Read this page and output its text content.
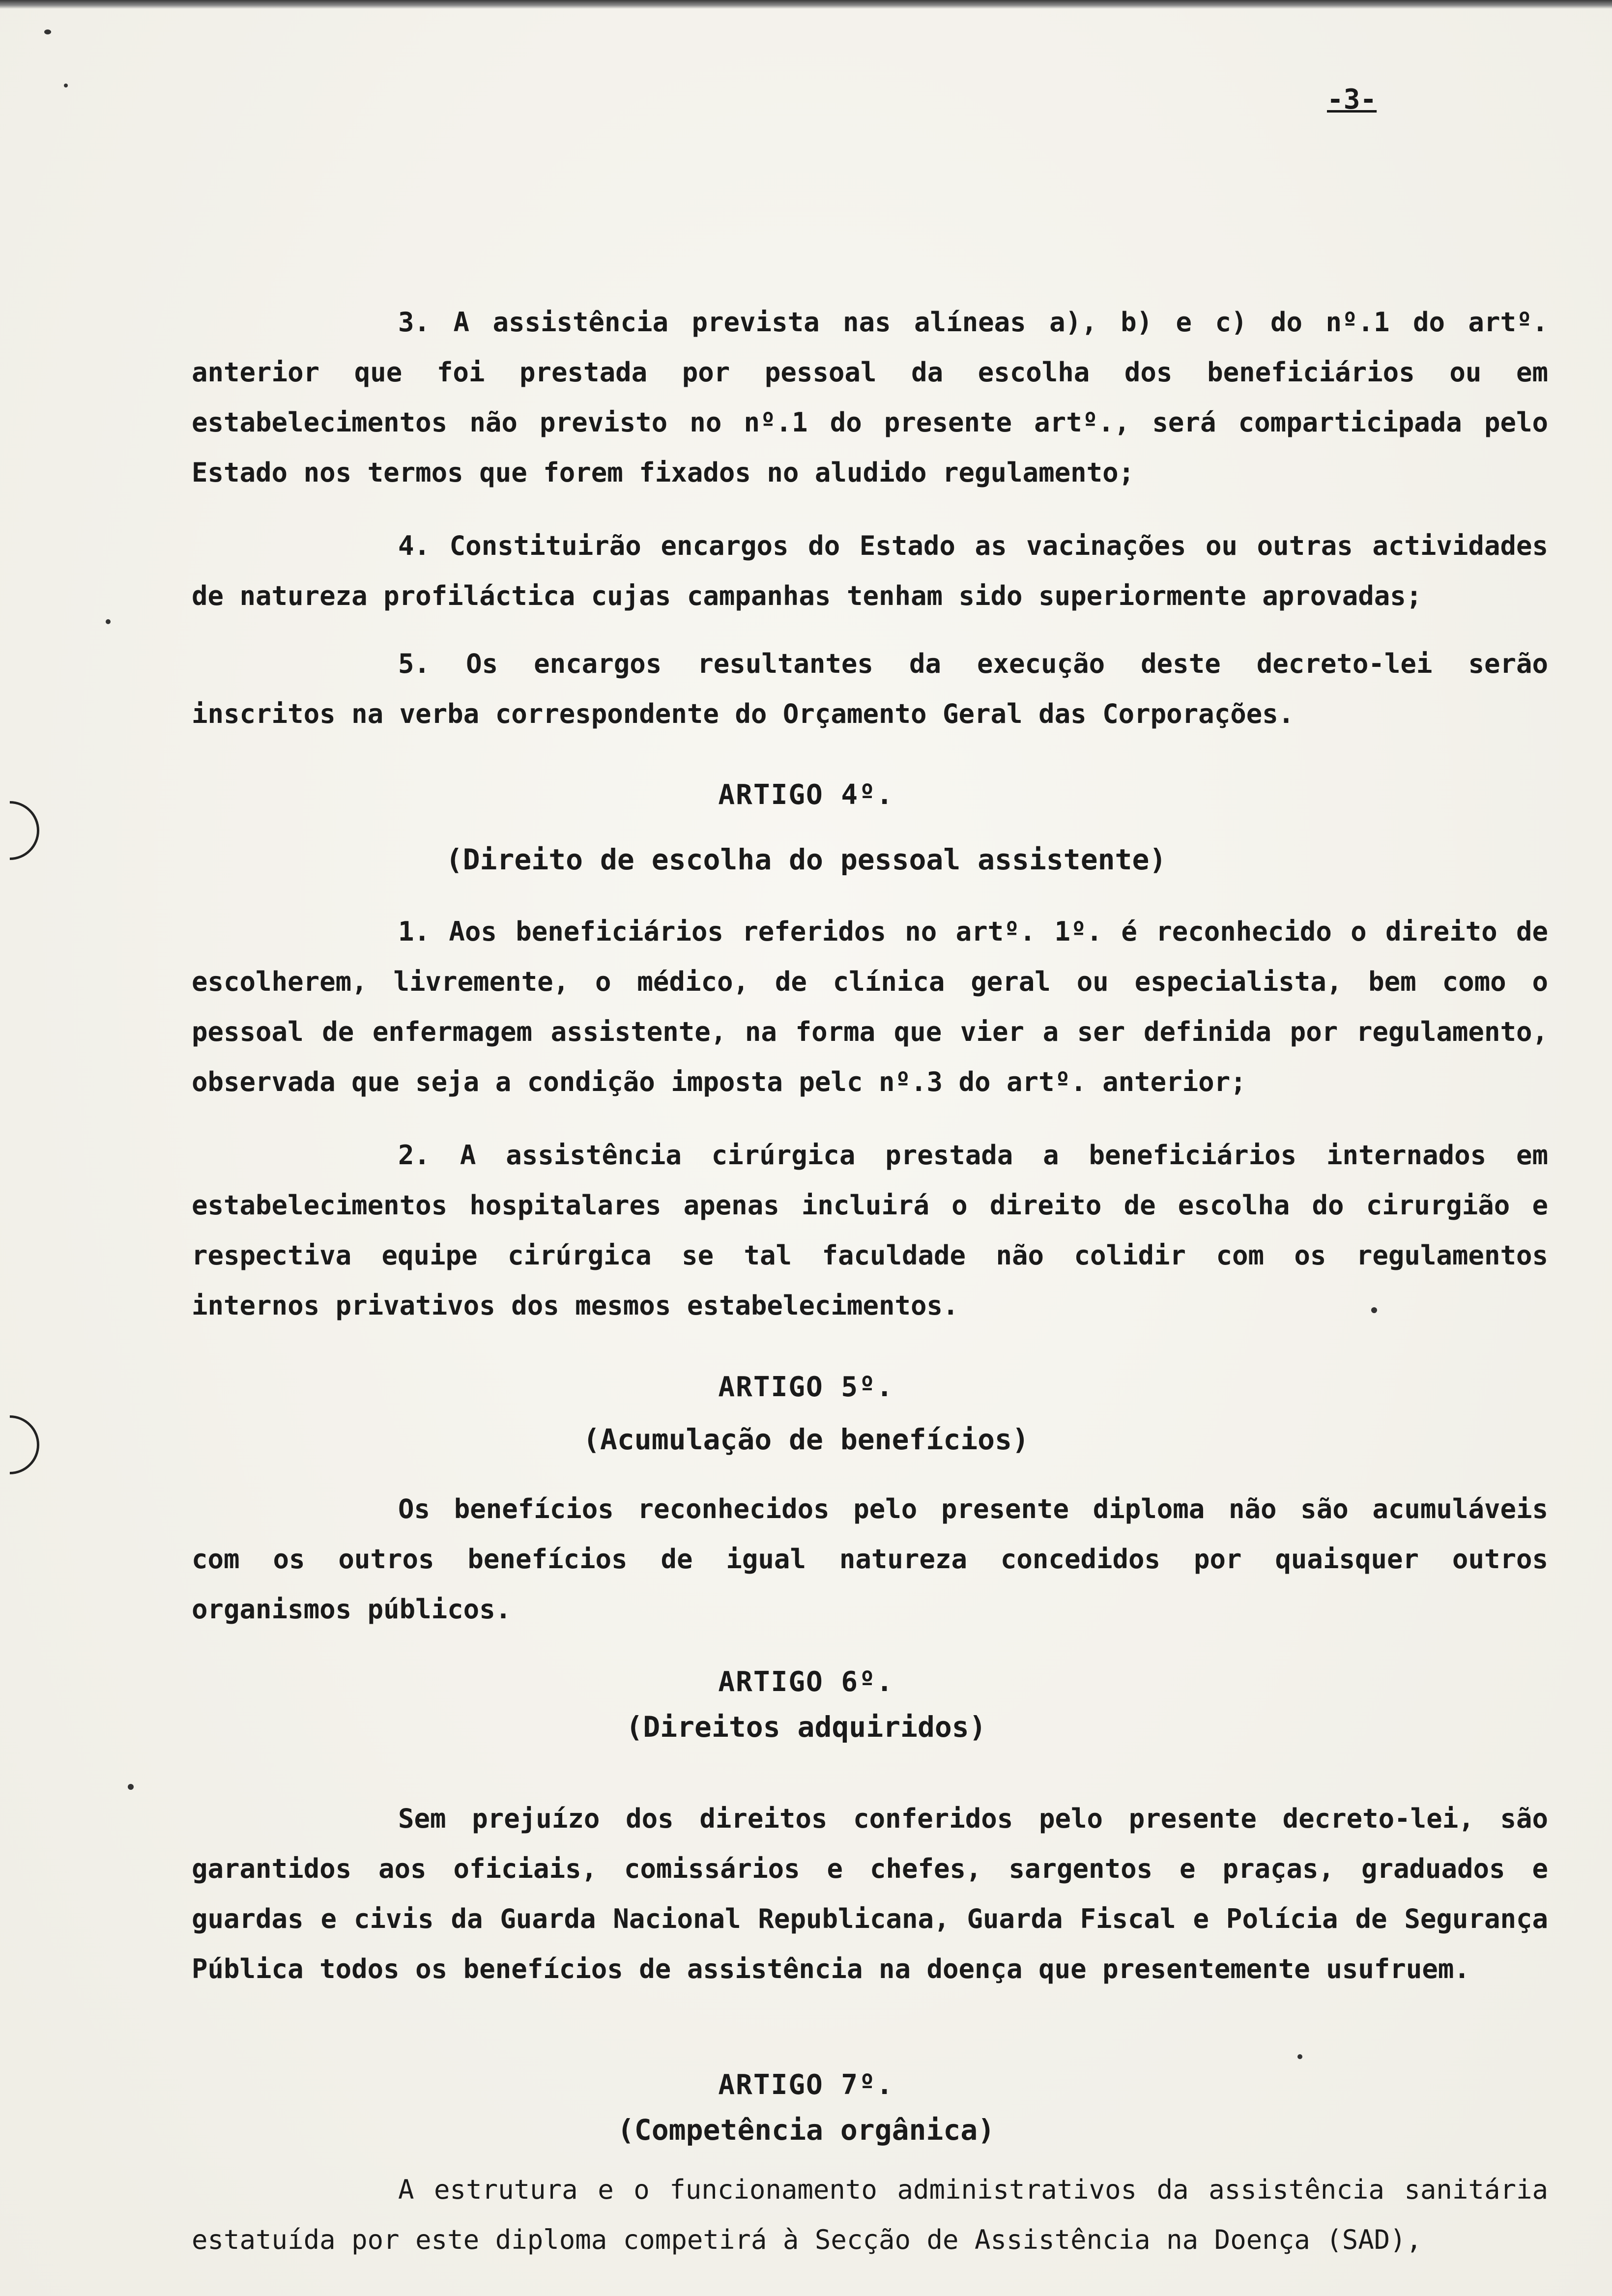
-3-
3. A assistência prevista nas alíneas a), b) e c) do nº.1 do artº. anterior que foi prestada por pessoal da escolha dos beneficiários ou em estabelecimentos não previsto no nº.1 do presente artº., será comparticipada pelo Estado nos termos que forem fixados no aludido regulamento;
4. Constituirão encargos do Estado as vacinações ou outras actividades de natureza profiláctica cujas campanhas tenham sido superiormente aprovadas;
5. Os encargos resultantes da execução deste decreto-lei serão inscritos na verba correspondente do Orçamento Geral das Corporações.
ARTIGO 4º.
(Direito de escolha do pessoal assistente)
1. Aos beneficiários referidos no artº. 1º. é reconhecido o direito de escolherem, livremente, o médico, de clínica geral ou especialista, bem como o pessoal de enfermagem assistente, na forma que vier a ser definida por regulamento, observada que seja a condição imposta pelc nº.3 do artº. anterior;
2. A assistência cirúrgica prestada a beneficiários internados em estabelecimentos hospitalares apenas incluirá o direito de escolha do cirurgião e respectiva equipe cirúrgica se tal faculdade não colidir com os regulamentos internos privativos dos mesmos estabelecimentos.
ARTIGO 5º.
(Acumulação de benefícios)
Os benefícios reconhecidos pelo presente diploma não são acumuláveis com os outros benefícios de igual natureza concedidos por quaisquer outros organismos públicos.
ARTIGO 6º.
(Direitos adquiridos)
Sem prejuízo dos direitos conferidos pelo presente decreto-lei, são garantidos aos oficiais, comissários e chefes, sargentos e praças, graduados e guardas e civis da Guarda Nacional Republicana, Guarda Fiscal e Polícia de Segurança Pública todos os benefícios de assistência na doença que presentemente usufruem.
ARTIGO 7º.
(Competência orgânica)
A estrutura e o funcionamento administrativos da assistência sanitária estatuída por este diploma competirá à Secção de Assistência na Doença (SAD),
